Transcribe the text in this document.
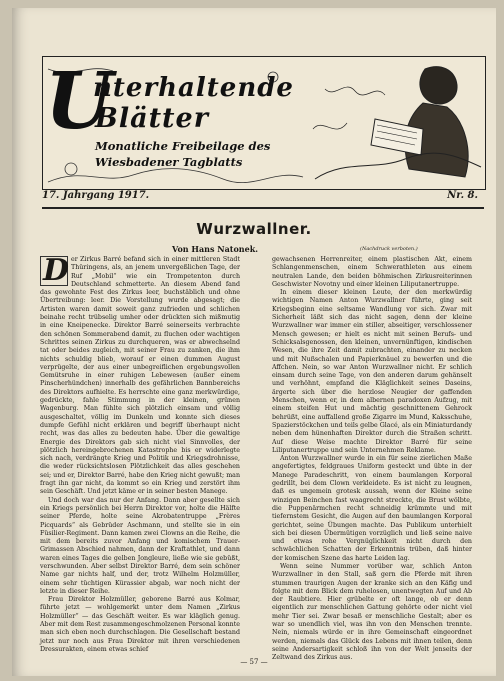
U
nterhaltende
Blätter
Monatliche Freibeilage des
Wiesbadener Tagblatts
17. Jahrgang 1917.	Nr. 8.
Wurzwallner.
Von Hans Natonek.	(Nachdruck verboten.)

D er Zirkus Barré befand sich in einer mittleren Stadt Thüringens, als, an jenem unvergeßlichen Tage, der Ruf „Mobil“ wie ein Trompetenton durch Deutschland schmetterte. An diesem Abend fand das gewohnte Fest des Zirkus leer, buchstäblich und ohne Übertreibung: leer. Die Vorstellung wurde abgesagt; die Artisten waren damit soweit ganz zufrieden und schlichen beinahe recht trübselig umher oder drückten sich mißmutig in eine Kneipenecke. Direktor Barré seinerseits verbrachte den schönen Sommerabend damit, zu fluchen oder wachtigen Schrittes seinen Zirkus zu durchqueren, was er abwechselnd tat oder beides zugleich, mit seiner Frau zu zanken, die ihm nichts schuldig blieb, worauf er einen dummen August verprügelte, der aus einer unbegreiflichen ergebungsvollen Gemütsruhe in einer ruhigen Lebewesen (außer einem Pinscherhündchen) innerhalb des gefährlichen Bannbereichs des Direktors aufhielte. Es herrschte eine ganz merkwürdige, gedrückte, fahle Stimmung in der kleinen, grünen Wagenburg. Man fühlte sich plötzlich einsam und völlig ausgeschaltet, völlig im Dunkeln und konnte sich dieses dumpfe Gefühl nicht erklären und begriff überhaupt nicht recht, was das alles zu bedeuten habe. Über die gewaltige Energie des Direktors gab sich nicht viel Sinnvolles, der plötzlich hereingebrochenen Katastrophe bis er widerlegte sich nach, verdrängte Krieg und Politik und Kriegsdrohnisse, die weder rücksichtslosen Plötzlichkeit das alles geschehen sei; und er, Direktor Barré, habe den Krieg nicht gewußt; man fragt ihn gar nicht, da kommt so ein Krieg und zerstört ihm sein Geschäft. Und jetzt käme er in seiner besten Manege.

Und doch war das nur der Anfang. Dann aber gesellte sich ein Kriegs persönlich bei Herrn Direktor vor, holte die Hälfte seiner Pferde, holte seine Akrobatentruppe „Frères Picquards“ als Gebrüder Aschmann, und stellte sie in ein Füsilier-Regiment. Dann kamen zwei Clowns an die Reihe, die mit dem bereits zuvor Anfang und komischem Trauer-Grimassen Abschied nahmen, dann der Kraftathlet, und dann waren eines Tages die gelben Jongleure, ließe wie sie gebüßt, verschwunden. Aber selbst Direktor Barré, dem sein schöner Name gar nichts half, und der, trotz Wilhelm Holzmüller, einem sehr tüchtigen Kürassier abgab, war noch nicht der letzte in dieser Reihe.

Frau Direktor Holzmüller, geborene Barré aus Kolmar, führte jetzt — wohlgemerkt unter dem Namen „Zirkus Holzmüller“ — das Geschäft weiter. Es war kläglich genug. Aber mit dem Rest zusammengeschmolzenen Personal konnte man sich eben noch durchschlagen. Die Gesellschaft bestand jetzt nur noch aus Frau Direktor mit ihren verschiedenen Dressurakten, einem etwas schief

gewachsenen Herrenreiter, einem plastischen Akt, einem Schlangenmenschen, einem Schwerathleten aus einem neutralen Lande, den beiden böhmischen Zirkusreiterinnen Geschwister Novotny und einer kleinen Liliputanertruppe.

In einem dieser kleinen Leute, der den merkwürdig wichtigen Namen Anton Wurzwallner führte, ging seit Kriegsbeginn eine seltsame Wandlung vor sich. Zwar mit Sicherheit läßt sich das nicht sagen, denn der kleine Wurzwallner war immer ein stiller, abseitiger, verschlossener Mensch gewesen; er hielt es nicht mit seinen Berufs- und Schicksalsgenossen, den kleinen, unvernünftigen, kindischen Wesen, die ihre Zeit damit zubrachten, einander zu necken und mit Nußschalen und Papierknäuel zu bewerfen und die Affchen. Nein, so war Anton Wurzwallner nicht. Er schlich einsam durch seine Tage, von den anderen darum gehänselt und verhöhnt, empfand die Kläglichkeit seines Daseins, ärgerte sich über die herzlose Neugier der gaffenden Menschen, wenn er, in dem albernen paradoxen Aufzug, mit einem steifen Hut und mächtig geschnittenem Gehrock behrüßt, eine auffallend große Zigarre im Mund, Kaksschuhe, Spazierstöckchen und teils gelbe Glacé, als ein Miniaturdandy neben dem hünenhaften Direktor durch die Straßen schritt. Auf diese Weise machte Direktor Barré für seine Liliputanertruppe und sein Unternehmen Reklame.

Anton Wurzwallner wurde in ein für seine zierlichen Maße angefertigtes, feldgraues Uniform gesteckt und übte in der Manege Paradeschritt, von einem baumlangen Korporal gedrillt, bei dem Clown verkleidete. Es ist nicht zu leugnen, daß es ungemein grotesk aussah, wenn der Kleine seine winzigen Beinchen fast waagrecht streckte, die Brust wölbte, die Puppenärmchen recht schneidig krümmte und mit tiefernstem Gesicht, die Augen auf den baumlangen Korporal gerichtet, seine Übungen machte. Das Publikum unterhielt sich bei diesen Übermütigen vorzüglich und ließ seine naive und etwas rohe Vergnüglichkeit nicht durch den schwächlichen Schatten der Erkenntnis trüben, daß hinter der komischen Szene das harte Leiden lag.

Wenn seine Nummer vorüber war, schlich Anton Wurzwallner in den Stall, saß gern die Pferde mit ihren stummen traurigen Augen der kranke sich an den Käfig und folgte mit dem Blick dem ruhelosen, unentwegten Auf und Ab der Raubtiere. Hier grübelte er oft lange, ob er denn eigentlich zur menschlichen Gattung gehörte oder nicht viel mehr Tier sei. Zwar besaß er menschliche Gestalt; aber es war so unendlich viel, was ihn von den Menschen trennte. Nein, niemals würde er in ihre Gemeinschaft eingeordnet werden, niemals das Glück des Lebens mit ihnen teilen, denn seine Andersartigkeit schloß ihn von der Welt jenseits der Zeltwand des Zirkus aus.

— 57 —
